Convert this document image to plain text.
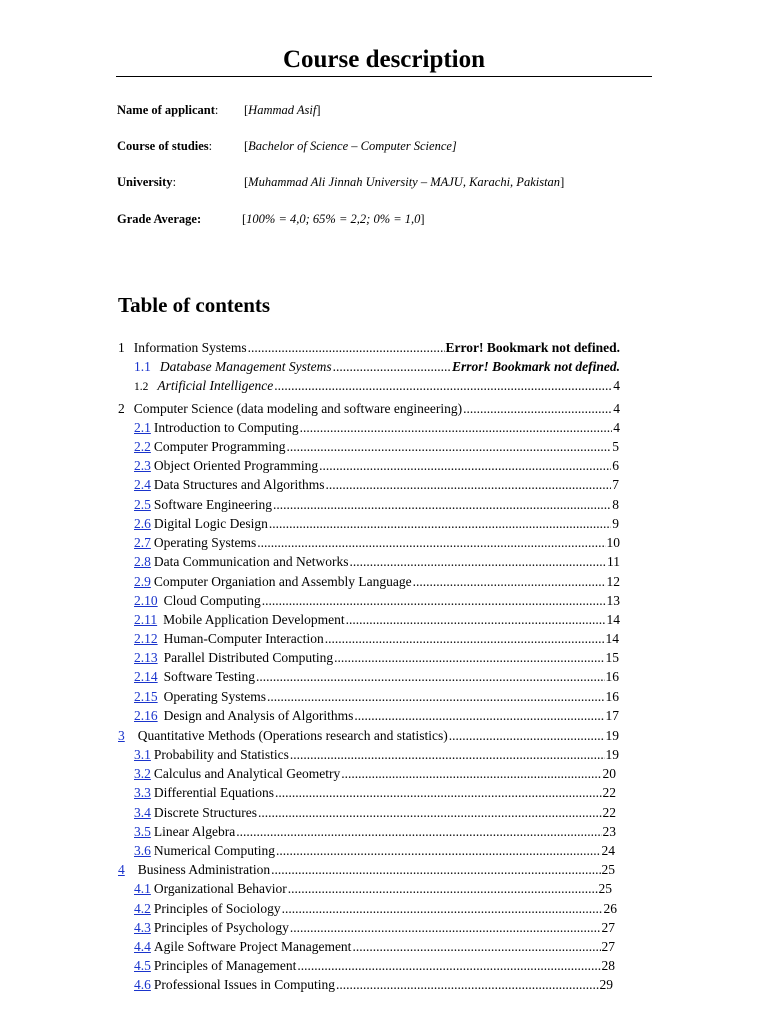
Course description
Name of applicant: [Hammad Asif]
Course of studies:	[Bachelor of Science – Computer Science]
University:	[Muhammad Ali Jinnah University – MAJU, Karachi, Pakistan]
Grade Average:	[100% = 4,0; 65% = 2,2; 0% = 1,0]
Table of contents
1 Information Systems .....	Error! Bookmark not defined.
1.1 Database Management Systems .....	Error! Bookmark not defined.
1.2 Artificial Intelligence .....	4
2 Computer Science (data modeling and software engineering) .....	4
2.1 Introduction to Computing .....	4
2.2 Computer Programming .....	5
2.3 Object Oriented Programming .....	6
2.4 Data Structures and Algorithms .....	7
2.5 Software Engineering .....	8
2.6 Digital Logic Design .....	9
2.7 Operating Systems .....	10
2.8 Data Communication and Networks .....	11
2.9 Computer Organiation and Assembly Language .....	12
2.10 Cloud Computing .....	13
2.11 Mobile Application Development .....	14
2.12 Human-Computer Interaction .....	14
2.13 Parallel Distributed Computing .....	15
2.14 Software Testing .....	16
2.15 Operating Systems .....	16
2.16 Design and Analysis of Algorithms .....	17
3 Quantitative Methods (Operations research and statistics) .....	19
3.1 Probability and Statistics .....	19
3.2 Calculus and Analytical Geometry .....	20
3.3 Differential Equations .....	22
3.4 Discrete Structures .....	22
3.5 Linear Algebra .....	23
3.6 Numerical Computing .....	24
4 Business Administration .....	25
4.1 Organizational Behavior .....	25
4.2 Principles of Sociology .....	26
4.3 Principles of Psychology .....	27
4.4 Agile Software Project Management .....	27
4.5 Principles of Management .....	28
4.6 Professional Issues in Computing .....	29
